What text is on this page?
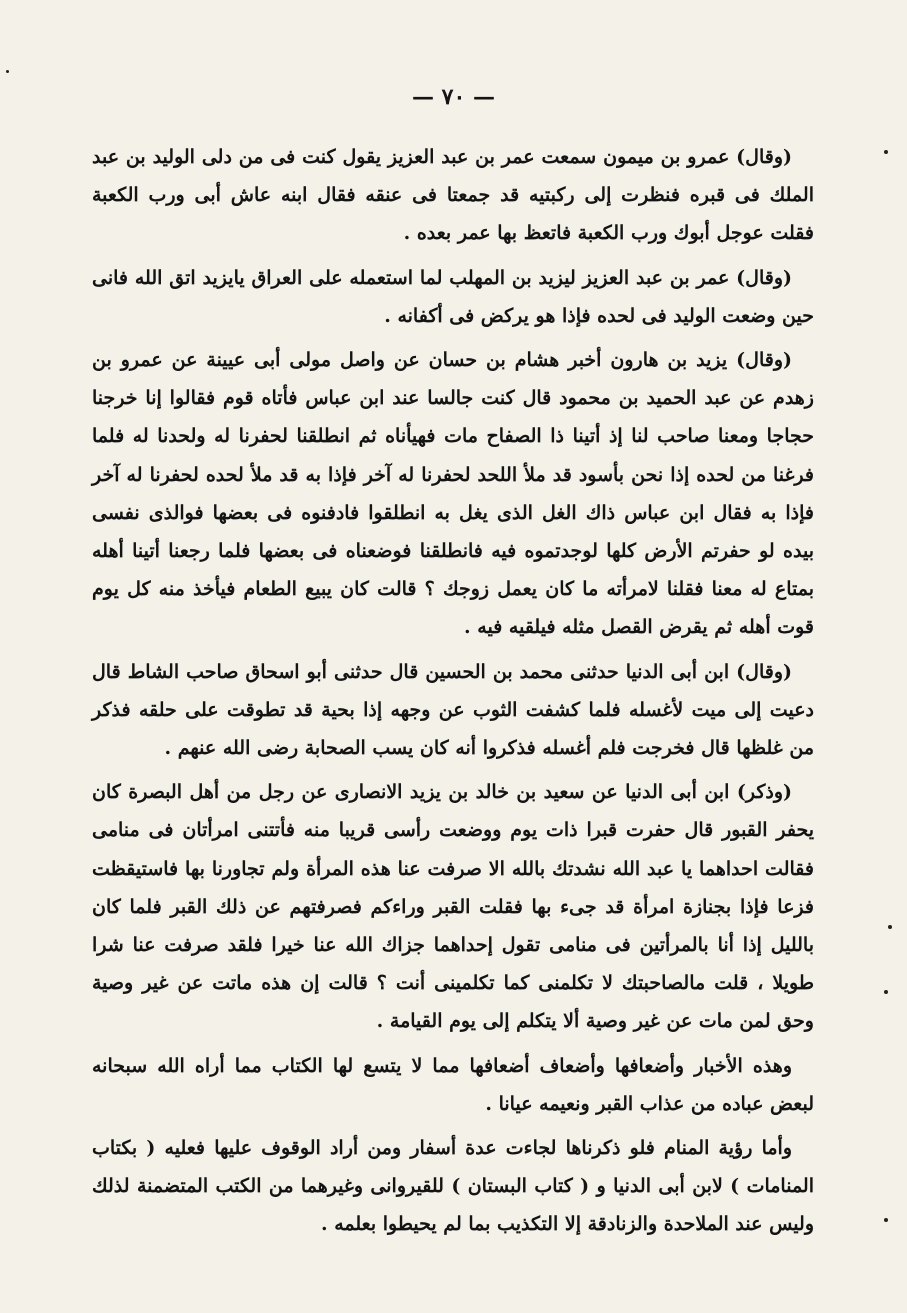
— ٧٠ —

(وقال) عمرو بن ميمون سمعت عمر بن عبد العزيز يقول كنت فى من دلى الوليد بن عبد الملك فى قبره فنظرت إلى ركبتيه قد جمعتا فى عنقه فقال ابنه عاش أبى ورب الكعبة فقلت عوجل أبوك ورب الكعبة فاتعظ بها عمر بعده .

(وقال) عمر بن عبد العزيز ليزيد بن المهلب لما استعمله على العراق يايزيد اتق الله فانى حين وضعت الوليد فى لحده فإذا هو يركض فى أكفانه .

(وقال) يزيد بن هارون أخبر هشام بن حسان عن واصل مولى أبى عيينة عن عمرو بن زهدم عن عبد الحميد بن محمود قال كنت جالسا عند ابن عباس فأتاه قوم فقالوا إنا خرجنا حجاجا ومعنا صاحب لنا إذ أتينا ذا الصفاح مات فهيأناه ثم انطلقنا لحفرنا له ولحدنا له فلما فرغنا من لحده إذا نحن بأسود قد ملأ اللحد لحفرنا له آخر فإذا به قد ملأ لحده لحفرنا له آخر فإذا به فقال ابن عباس ذاك الغل الذى يغل به انطلقوا فادفنوه فى بعضها فوالذى نفسى بيده لو حفرتم الأرض كلها لوجدتموه فيه فانطلقنا فوضعناه فى بعضها فلما رجعنا أتينا أهله بمتاع له معنا فقلنا لامرأته ما كان يعمل زوجك ؟ قالت كان يبيع الطعام فيأخذ منه كل يوم قوت أهله ثم يقرض القصل مثله فيلقيه فيه .

(وقال) ابن أبى الدنيا حدثنى محمد بن الحسين قال حدثنى أبو اسحاق صاحب الشاط قال دعيت إلى ميت لأغسله فلما كشفت الثوب عن وجهه إذا بحية قد تطوقت على حلقه فذكر من غلظها قال فخرجت فلم أغسله فذكروا أنه كان يسب الصحابة رضى الله عنهم .

(وذكر) ابن أبى الدنيا عن سعيد بن خالد بن يزيد الانصارى عن رجل من أهل البصرة كان يحفر القبور قال حفرت قبرا ذات يوم ووضعت رأسى قريبا منه فأتتنى امرأتان فى منامى فقالت احداهما يا عبد الله نشدتك بالله الا صرفت عنا هذه المرأة ولم تجاورنا بها فاستيقظت فزعا فإذا بجنازة امرأة قد جىء بها فقلت القبر وراءكم فصرفتهم عن ذلك القبر فلما كان بالليل إذا أنا بالمرأتين فى منامى تقول إحداهما جزاك الله عنا خيرا فلقد صرفت عنا شرا طويلا ، قلت مالصاحبتك لا تكلمنى كما تكلمينى أنت ؟ قالت إن هذه ماتت عن غير وصية وحق لمن مات عن غير وصية ألا يتكلم إلى يوم القيامة .

وهذه الأخبار وأضعافها وأضعاف أضعافها مما لا يتسع لها الكتاب مما أراه الله سبحانه لبعض عباده من عذاب القبر ونعيمه عيانا .

وأما رؤية المنام فلو ذكرناها لجاءت عدة أسفار ومن أراد الوقوف عليها فعليه ( بكتاب المنامات ) لابن أبى الدنيا و ( كتاب البستان ) للقيروانى وغيرهما من الكتب المتضمنة لذلك وليس عند الملاحدة والزنادقة إلا التكذيب بما لم يحيطوا بعلمه .
